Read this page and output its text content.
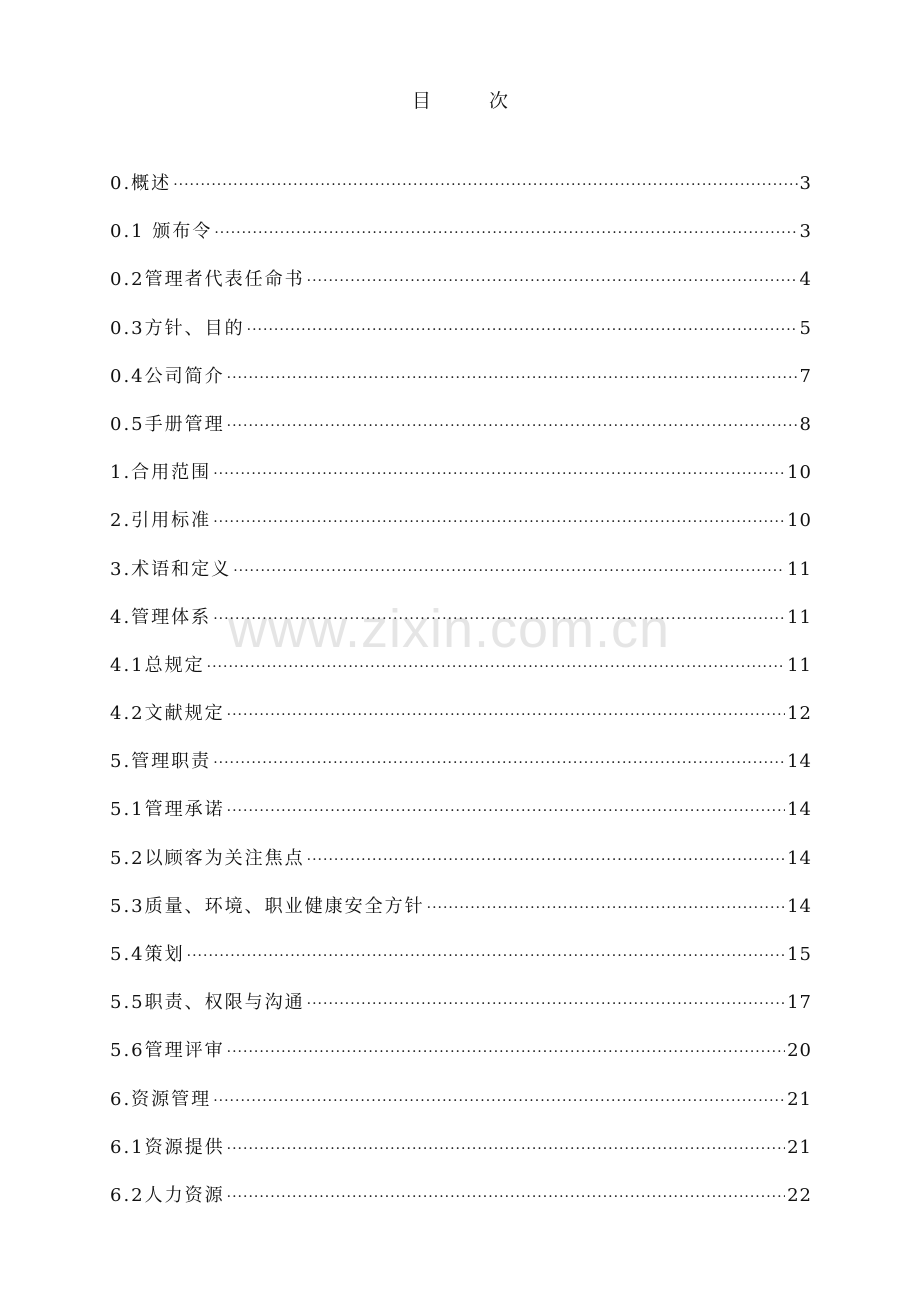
目	次
www.zixin.com.cn
0.概述 ·····	3
0.1 颁布令 ·····	3
0.2管理者代表任命书 ·····	4
0.3方针、目的 ·····	5
0.4公司简介 ·····	7
0.5手册管理 ·····	8
1.合用范围 ·····	10
2.引用标准 ·····	10
3.术语和定义 ·····	11
4.管理体系 ·····	11
4.1总规定 ·····	11
4.2文献规定 ·····	12
5.管理职责 ·····	14
5.1管理承诺 ·····	14
5.2以顾客为关注焦点 ·····	14
5.3质量、环境、职业健康安全方针 ·····	14
5.4策划 ·····	15
5.5职责、权限与沟通 ·····	17
5.6管理评审 ·····	20
6.资源管理 ·····	21
6.1资源提供 ·····	21
6.2人力资源 ·····	22
